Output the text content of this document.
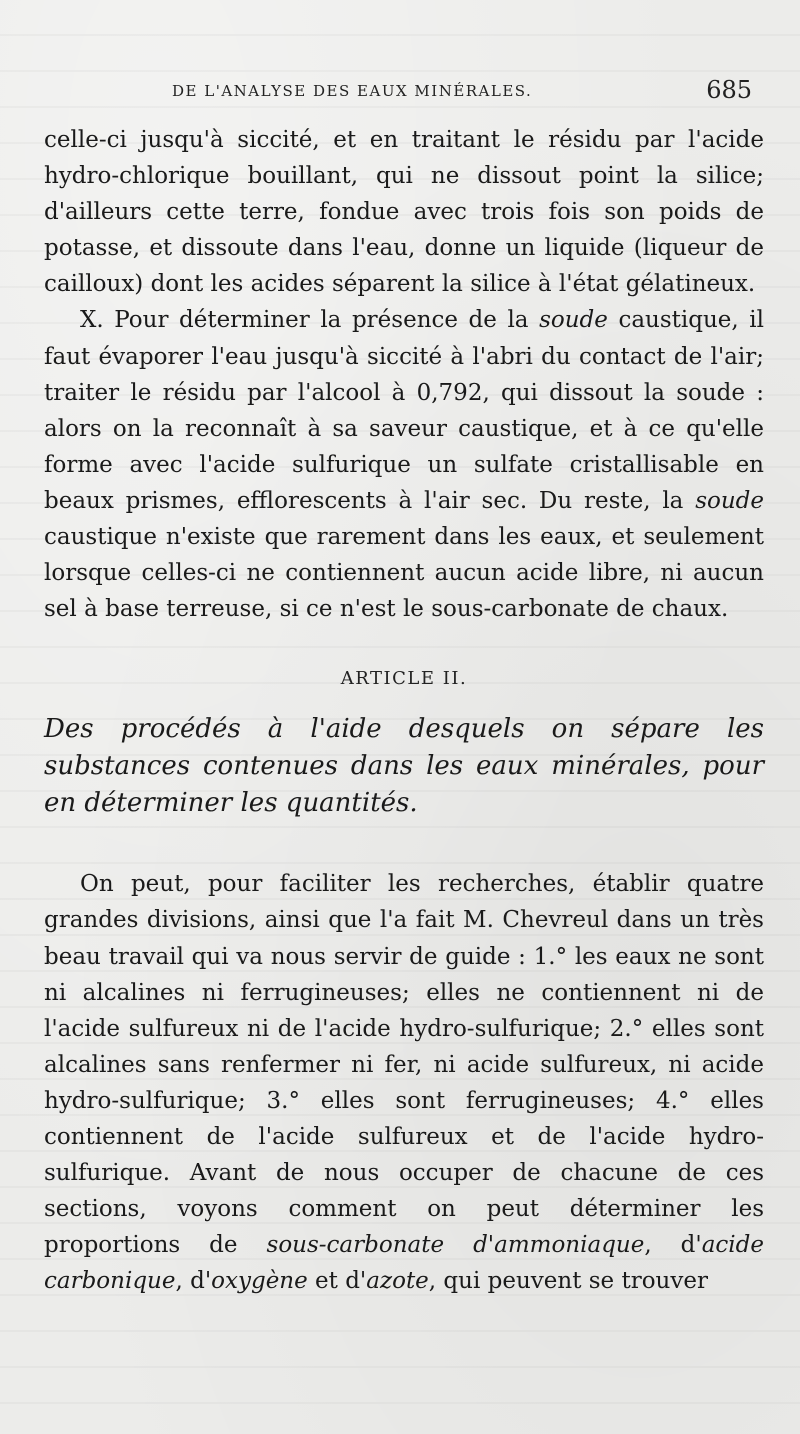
DE L'ANALYSE DES EAUX MINÉRALES.	685

celle-ci jusqu'à siccité, et en traitant le résidu par l'acide hydro-chlorique bouillant, qui ne dissout point la silice; d'ailleurs cette terre, fondue avec trois fois son poids de potasse, et dissoute dans l'eau, donne un liquide (liqueur de cailloux) dont les acides séparent la silice à l'état gélatineux.

X. Pour déterminer la présence de la soude caustique, il faut évaporer l'eau jusqu'à siccité à l'abri du contact de l'air; traiter le résidu par l'alcool à 0,792, qui dissout la soude : alors on la reconnaît à sa saveur caustique, et à ce qu'elle forme avec l'acide sulfurique un sulfate cristallisable en beaux prismes, efflorescents à l'air sec. Du reste, la soude caustique n'existe que rarement dans les eaux, et seulement lorsque celles-ci ne contiennent aucun acide libre, ni aucun sel à base terreuse, si ce n'est le sous-carbonate de chaux.

ARTICLE II.

Des procédés à l'aide desquels on sépare les substances contenues dans les eaux minérales, pour en déterminer les quantités.

On peut, pour faciliter les recherches, établir quatre grandes divisions, ainsi que l'a fait M. Chevreul dans un très beau travail qui va nous servir de guide : 1.° les eaux ne sont ni alcalines ni ferrugineuses; elles ne contiennent ni de l'acide sulfureux ni de l'acide hydro-sulfurique; 2.° elles sont alcalines sans renfermer ni fer, ni acide sulfureux, ni acide hydro-sulfurique; 3.° elles sont ferrugineuses; 4.° elles contiennent de l'acide sulfureux et de l'acide hydro-sulfurique. Avant de nous occuper de chacune de ces sections, voyons comment on peut déterminer les proportions de sous-carbonate d'ammoniaque, d'acide carbonique, d'oxygène et d'azote, qui peuvent se trouver
